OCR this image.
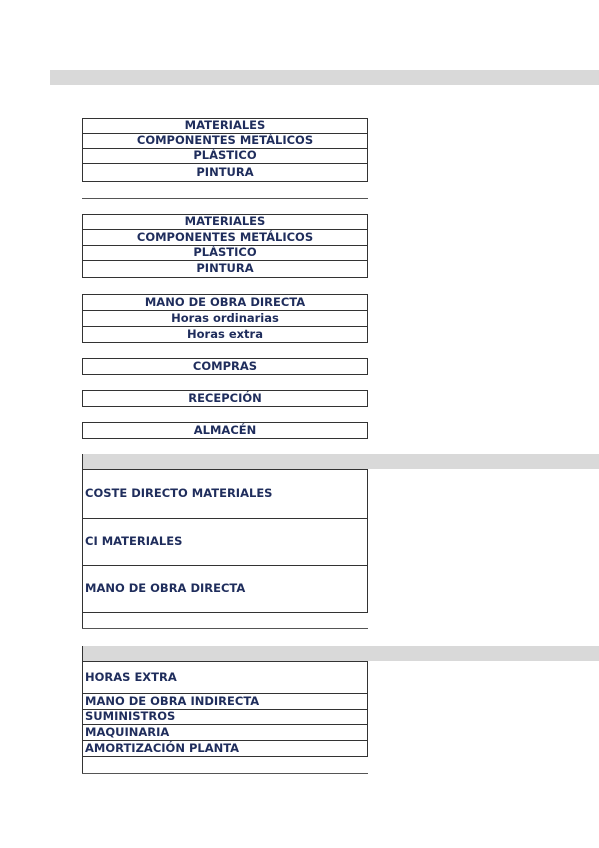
MATERIALES
COMPONENTES METÁLICOS
PLÁSTICO
PINTURA
MATERIALES
COMPONENTES METÁLICOS
PLÁSTICO
PINTURA
MANO DE OBRA DIRECTA
Horas ordinarias
Horas extra
COMPRAS
RECEPCIÓN
ALMACÉN
COSTE DIRECTO MATERIALES
CI MATERIALES
MANO DE OBRA DIRECTA
HORAS EXTRA
MANO DE OBRA INDIRECTA
SUMINISTROS
MAQUINARIA
AMORTIZACIÓN PLANTA
